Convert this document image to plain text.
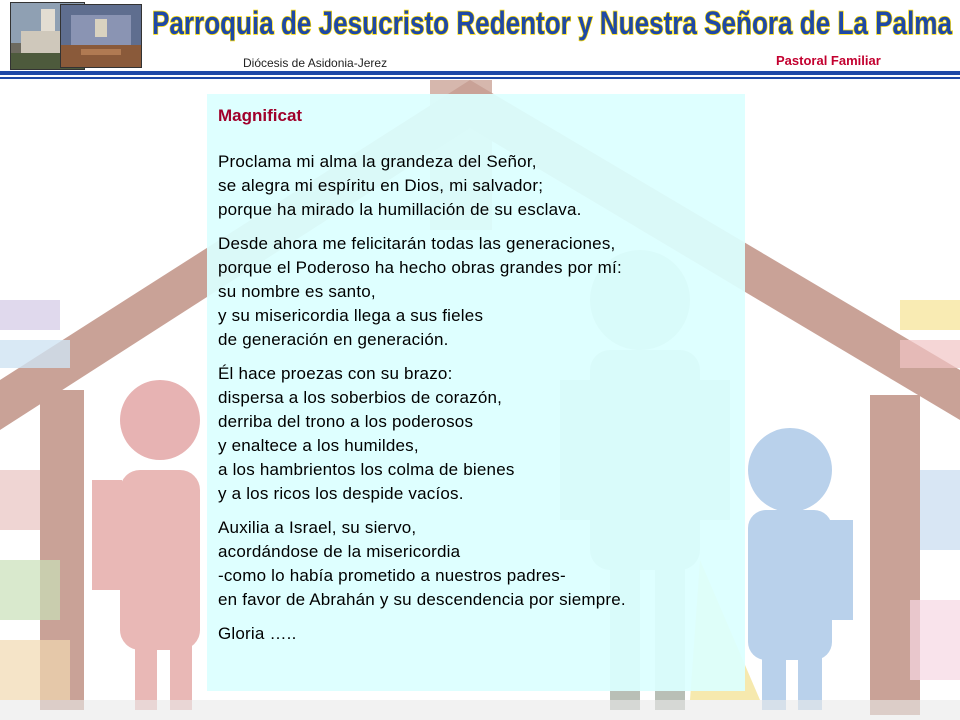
Parroquia de Jesucristo Redentor y Nuestra Señora de La Palma
Diócesis de Asidonia-Jerez	Pastoral Familiar
Magnificat
Proclama mi alma la grandeza del Señor,
se alegra mi espíritu en Dios, mi salvador;
porque ha mirado la humillación de su esclava.
Desde ahora me felicitarán todas las generaciones,
porque el Poderoso ha hecho obras grandes por mí:
su nombre es santo,
y su misericordia llega a sus fieles
de generación en generación.
Él hace proezas con su brazo:
dispersa a los soberbios de corazón,
derriba del trono a los poderosos
y enaltece a los humildes,
a los hambrientos los colma de bienes
y a los ricos los despide vacíos.
Auxilia a Israel, su siervo,
acordándose de la misericordia
-como lo había prometido a nuestros padres-
en favor de Abrahán y su descendencia por siempre.
Gloria …..
